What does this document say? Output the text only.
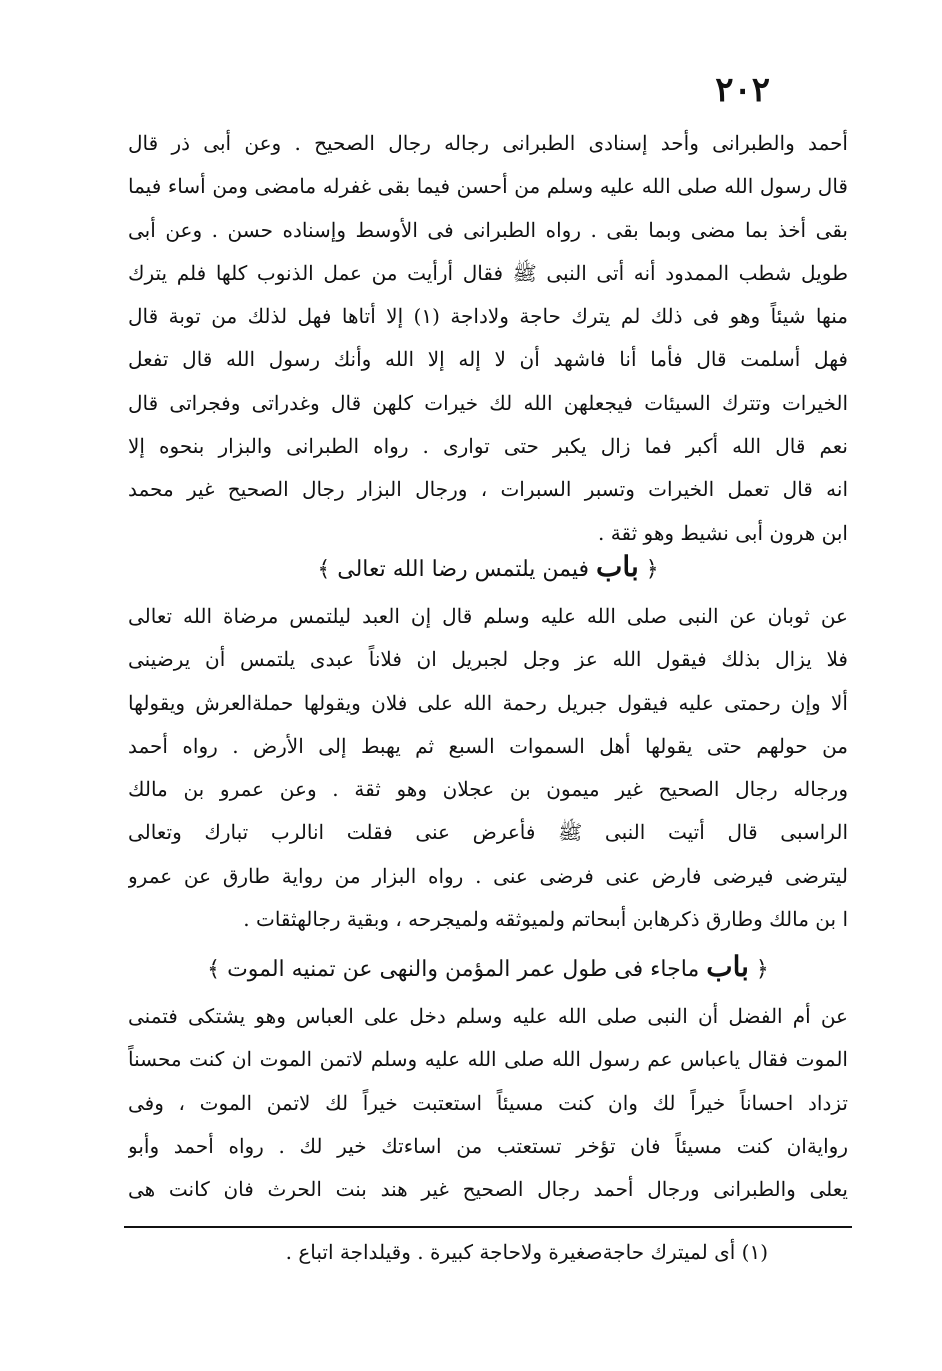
٢٠٢
أحمد والطبرانى وأحد إسنادى الطبرانى رجاله رجال الصحيح . وعن أبى ذر قال
قال رسول الله صلى الله عليه وسلم من أحسن فيما بقى غفرله مامضى ومن أساء فيما
بقى أخذ بما مضى وبما بقى . رواه الطبرانى فى الأوسط وإسناده حسن . وعن أبى
طويل شطب الممدود أنه أتى النبى ﷺ فقال أرأيت من عمل الذنوب كلها فلم يترك
منها شيئاً وهو فى ذلك لم يترك حاجة ولاداجة (١) إلا أتاها فهل لذلك من توبة قال
فهل أسلمت قال فأما أنا فاشهد أن لا إله إلا الله وأنك رسول الله قال تفعل
الخيرات وتترك السيئات فيجعلهن الله لك خيرات كلهن قال وغدراتى وفجراتى قال
نعم قال الله أكبر فما زال يكبر حتى توارى . رواه الطبرانى والبزار بنحوه إلا
انه قال تعمل الخيرات وتسبر السبرات ، ورجال البزار رجال الصحيح غير محمد
ابن هرون أبى نشيط وهو ثقة .
﴿ باب فيمن يلتمس رضا الله تعالى ﴾
عن ثوبان عن النبى صلى الله عليه وسلم قال إن العبد ليلتمس مرضاة الله تعالى
فلا يزال بذلك فيقول الله عز وجل لجبريل ان فلاناً عبدى يلتمس أن يرضينى
ألا وإن رحمتى عليه فيقول جبريل رحمة الله على فلان ويقولها حملةالعرش ويقولها
من حولهم حتى يقولها أهل السموات السبع ثم يهبط إلى الأرض . رواه أحمد
ورجاله رجال الصحيح غير ميمون بن عجلان وهو ثقة . وعن عمرو بن مالك
الراسبى قال أتيت النبى ﷺ فأعرض عنى فقلت انالرب تبارك وتعالى
ليترضى فيرضى فارض عنى فرضى عنى . رواه البزار من رواية طارق عن عمرو
ا بن مالك وطارق ذكرهابن أبىحاتم ولميوثقه ولميجرحه ، وبقية رجالهثقات .
﴿ باب ماجاء فى طول عمر المؤمن والنهى عن تمنيه الموت ﴾
عن أم الفضل أن النبى صلى الله عليه وسلم دخل على العباس وهو يشتكى فتمنى
الموت فقال ياعباس عم رسول الله صلى الله عليه وسلم لاتمن الموت ان كنت محسناً
تزداد احساناً خيراً لك وان كنت مسيئاً استعتبت خيراً لك لاتمن الموت ، وفى
روايةان كنت مسيئاً فان تؤخر تستعتب من اساءتك خير لك . رواه أحمد وأبو
يعلى والطبرانى ورجال أحمد رجال الصحيح غير هند بنت الحرث فان كانت هى
(١) أى لميترك حاجةصغيرة ولاحاجة كبيرة . وقيلداجة اتباع .
